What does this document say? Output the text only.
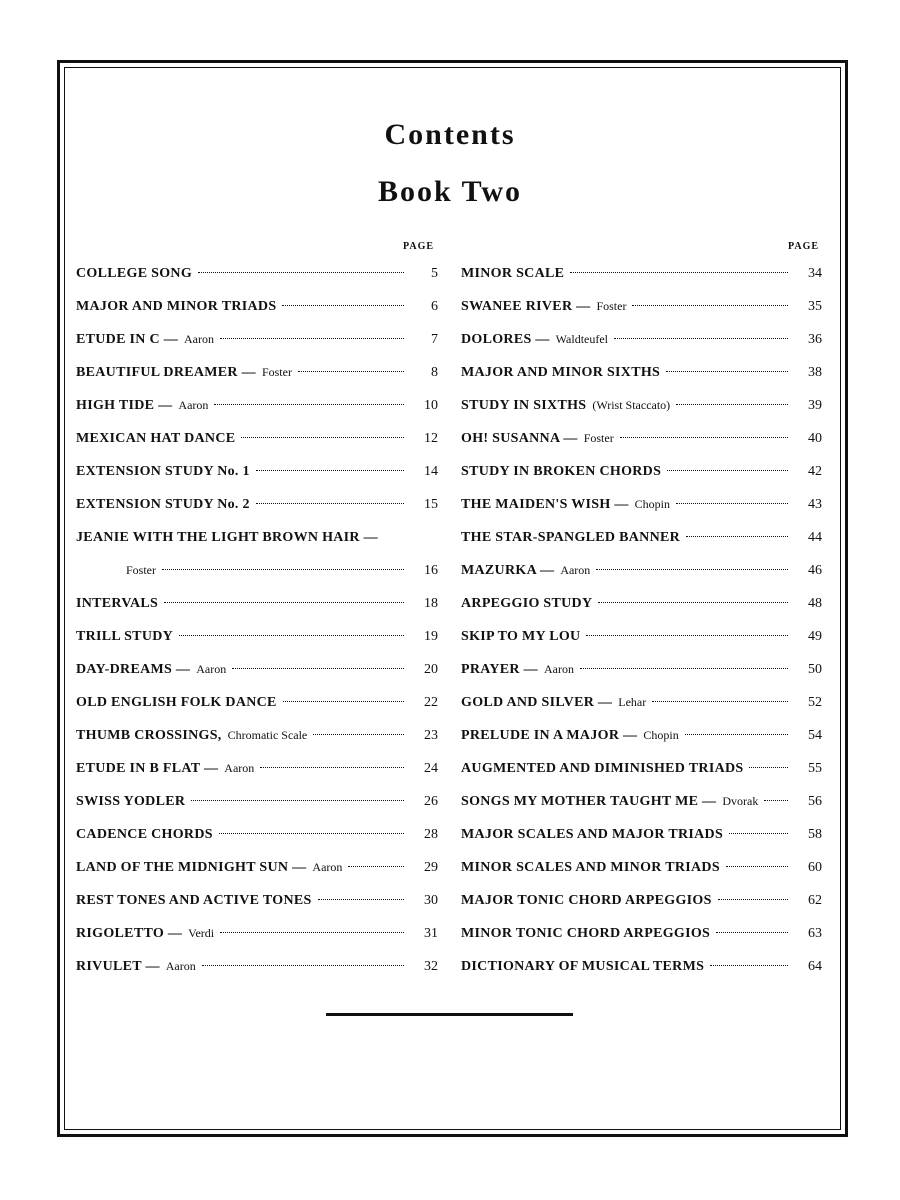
Contents
Book Two
PAGE	PAGE
COLLEGE SONG	5
MAJOR AND MINOR TRIADS	6
ETUDE IN C — Aaron	7
BEAUTIFUL DREAMER — Foster	8
HIGH TIDE — Aaron	10
MEXICAN HAT DANCE	12
EXTENSION STUDY No. 1	14
EXTENSION STUDY No. 2	15
JEANIE WITH THE LIGHT BROWN HAIR —
Foster	16
INTERVALS	18
TRILL STUDY	19
DAY-DREAMS — Aaron	20
OLD ENGLISH FOLK DANCE	22
THUMB CROSSINGS, Chromatic Scale	23
ETUDE IN B FLAT — Aaron	24
SWISS YODLER	26
CADENCE CHORDS	28
LAND OF THE MIDNIGHT SUN — Aaron	29
REST TONES AND ACTIVE TONES	30
RIGOLETTO — Verdi	31
RIVULET — Aaron	32
MINOR SCALE	34
SWANEE RIVER — Foster	35
DOLORES — Waldteufel	36
MAJOR AND MINOR SIXTHS	38
STUDY IN SIXTHS (Wrist Staccato)	39
OH! SUSANNA — Foster	40
STUDY IN BROKEN CHORDS	42
THE MAIDEN'S WISH — Chopin	43
THE STAR-SPANGLED BANNER	44
MAZURKA — Aaron	46
ARPEGGIO STUDY	48
SKIP TO MY LOU	49
PRAYER — Aaron	50
GOLD AND SILVER — Lehar	52
PRELUDE IN A MAJOR — Chopin	54
AUGMENTED AND DIMINISHED TRIADS	55
SONGS MY MOTHER TAUGHT ME — Dvorak	56
MAJOR SCALES AND MAJOR TRIADS	58
MINOR SCALES AND MINOR TRIADS	60
MAJOR TONIC CHORD ARPEGGIOS	62
MINOR TONIC CHORD ARPEGGIOS	63
DICTIONARY OF MUSICAL TERMS	64
